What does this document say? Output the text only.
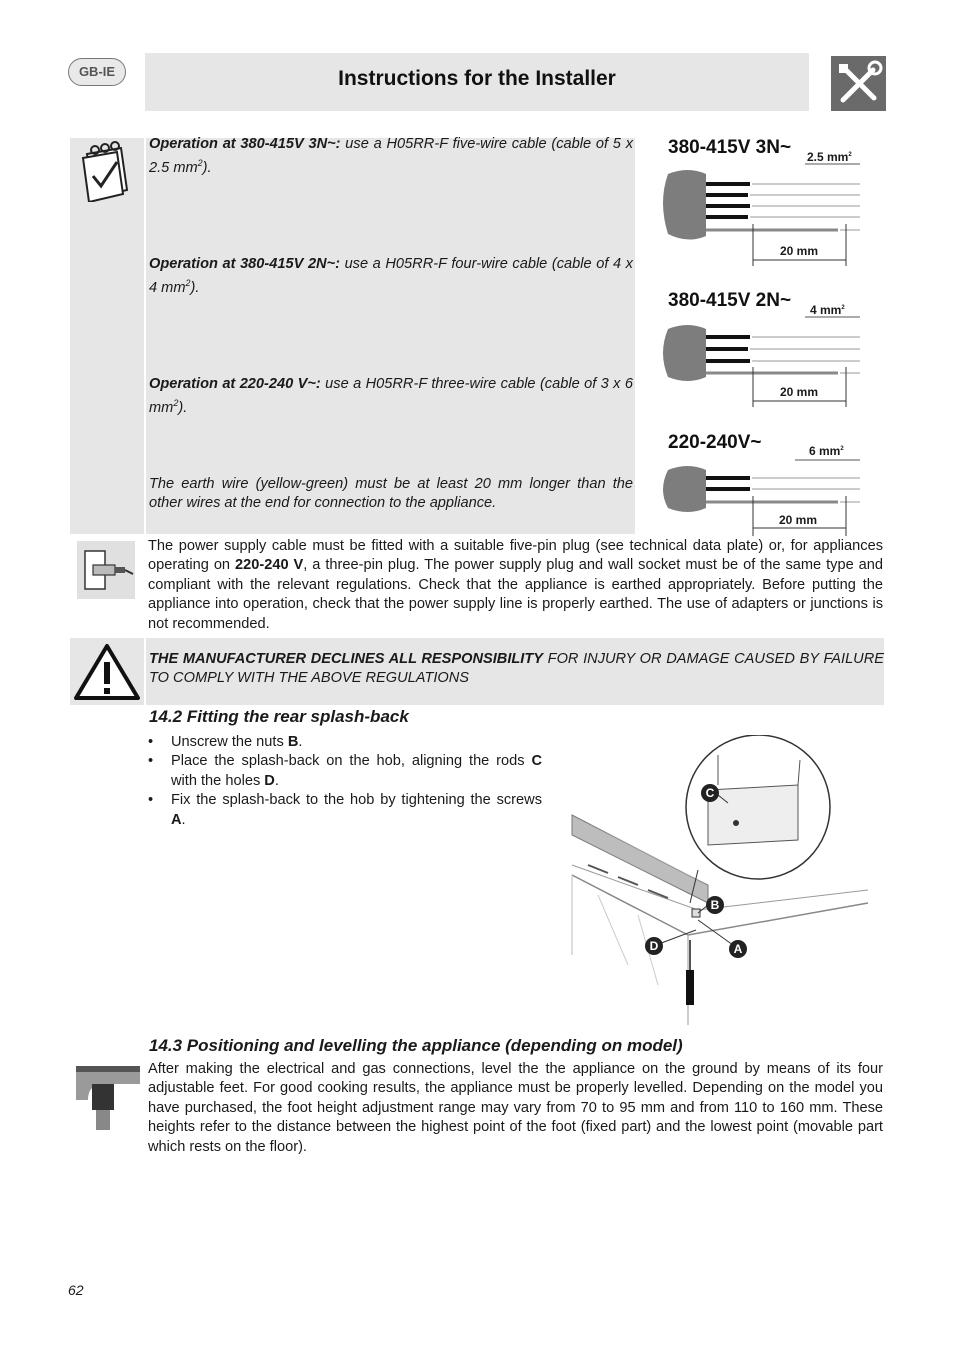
GB-IE	Instructions for the Installer
Operation at 380-415V 3N~: use a H05RR-F five-wire cable (cable of 5 x 2.5 $mm^2$).
Operation at 380-415V 2N~: use a H05RR-F four-wire cable (cable of 4 x 4 $mm^2$).
Operation at 220-240 V~: use a H05RR-F three-wire cable (cable of 3 x 6 $mm^2$).
The earth wire (yellow-green) must be at least 20 mm longer than the other wires at the end for connection to the appliance.
380-415V 3N~ 2.5 $mm^2$
20 mm
380-415V 2N~ 4 $mm^2$
20 mm
220-240V~	6 $mm^2$
20 mm
The power supply cable must be fitted with a suitable five-pin plug (see technical data plate) or, for appliances operating on 220-240 V, a three-pin plug. The power supply plug and wall socket must be of the same type and compliant with the relevant regulations. Check that the appliance is earthed appropriately. Before putting the appliance into operation, check that the power supply line is properly earthed. The use of adapters or junctions is not recommended.
THE MANUFACTURER DECLINES ALL RESPONSIBILITY FOR INJURY OR DAMAGE CAUSED BY FAILURE TO COMPLY WITH THE ABOVE REGULATIONS
14.2 Fitting the rear splash-back
• Unscrew the nuts B.
• Place the splash-back on the hob, aligning the rods C with the holes D.
• Fix the splash-back to the hob by tightening the screws A.
C
B
D	A
14.3 Positioning and levelling the appliance (depending on model)
After making the electrical and gas connections, level the the appliance on the ground by means of its four adjustable feet. For good cooking results, the appliance must be properly levelled. Depending on the model you have purchased, the foot height adjustment range may vary from 70 to 95 mm and from 110 to 160 mm. These heights refer to the distance between the highest point of the foot (fixed part) and the lowest point (movable part which rests on the floor).
62
